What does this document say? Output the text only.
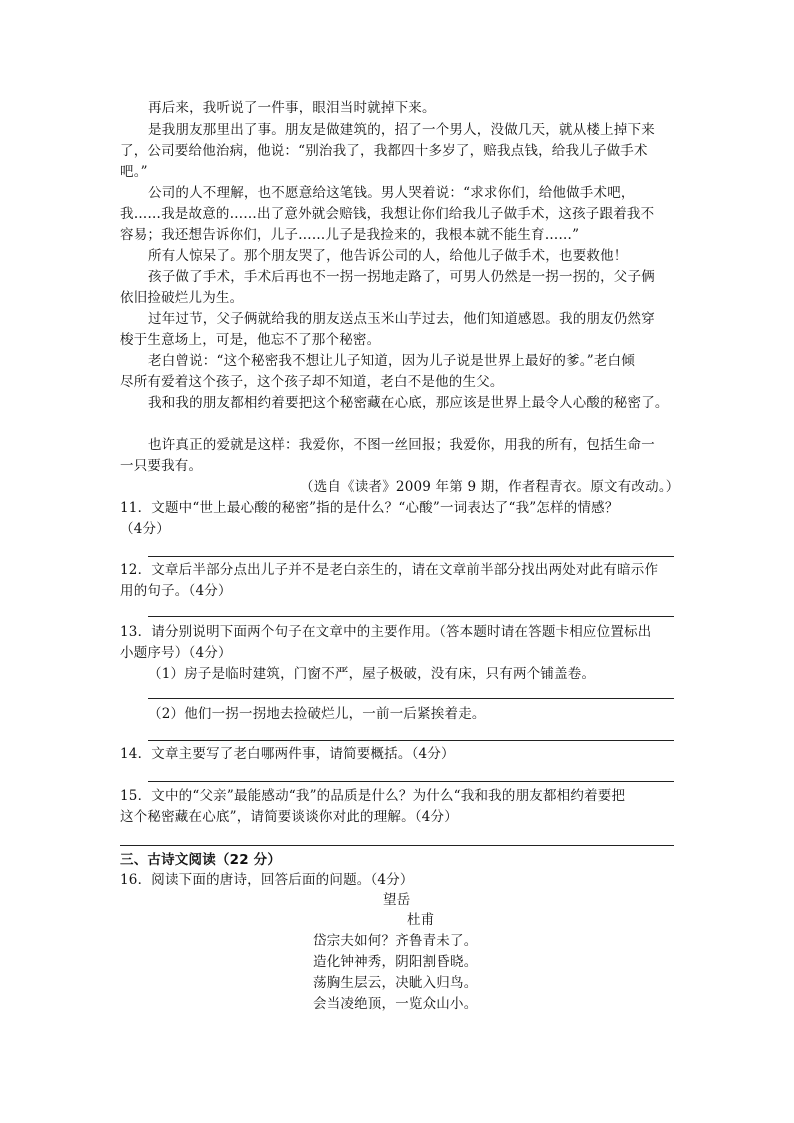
再后来，我听说了一件事，眼泪当时就掉下来。
是我朋友那里出了事。朋友是做建筑的，招了一个男人，没做几天，就从楼上掉下来
了，公司要给他治病，他说：“别治我了，我都四十多岁了，赔我点钱，给我儿子做手术
吧。”
公司的人不理解，也不愿意给这笔钱。男人哭着说：“求求你们，给他做手术吧，
我……我是故意的……出了意外就会赔钱，我想让你们给我儿子做手术，这孩子跟着我不
容易；我还想告诉你们，儿子……儿子是我捡来的，我根本就不能生育……”
所有人惊呆了。那个朋友哭了，他告诉公司的人，给他儿子做手术，也要救他！
孩子做了手术，手术后再也不一拐一拐地走路了，可男人仍然是一拐一拐的，父子俩
依旧捡破烂儿为生。
过年过节，父子俩就给我的朋友送点玉米山芋过去，他们知道感恩。我的朋友仍然穿
梭于生意场上，可是，他忘不了那个秘密。
老白曾说：“这个秘密我不想让儿子知道，因为儿子说是世界上最好的爹。”老白倾
尽所有爱着这个孩子，这个孩子却不知道，老白不是他的生父。
我和我的朋友都相约着要把这个秘密藏在心底，那应该是世界上最令人心酸的秘密了。
也许真正的爱就是这样：我爱你，不图一丝回报；我爱你，用我的所有，包括生命一
一只要我有。
（选自《读者》2009 年第 9 期，作者程青衣。原文有改动。）
11．文题中“世上最心酸的秘密”指的是什么？“心酸”一词表达了“我”怎样的情感？
（4分）
12．文章后半部分点出儿子并不是老白亲生的，请在文章前半部分找出两处对此有暗示作
用的句子。（4分）
13．请分别说明下面两个句子在文章中的主要作用。（答本题时请在答题卡相应位置标出
小题序号）（4分）
（1）房子是临时建筑，门窗不严，屋子极破，没有床，只有两个铺盖卷。
（2）他们一拐一拐地去捡破烂儿，一前一后紧挨着走。
14．文章主要写了老白哪两件事，请简要概括。（4分）
15．文中的“父亲”最能感动“我”的品质是什么？为什么“我和我的朋友都相约着要把
这个秘密藏在心底”，请简要谈谈你对此的理解。（4分）
三、古诗文阅读（22 分）
16．阅读下面的唐诗，回答后面的问题。（4分）
望岳
杜甫
岱宗夫如何？齐鲁青未了。
造化钟神秀，阴阳割昏晓。
荡胸生层云，决眦入归鸟。
会当凌绝顶，一览众山小。
